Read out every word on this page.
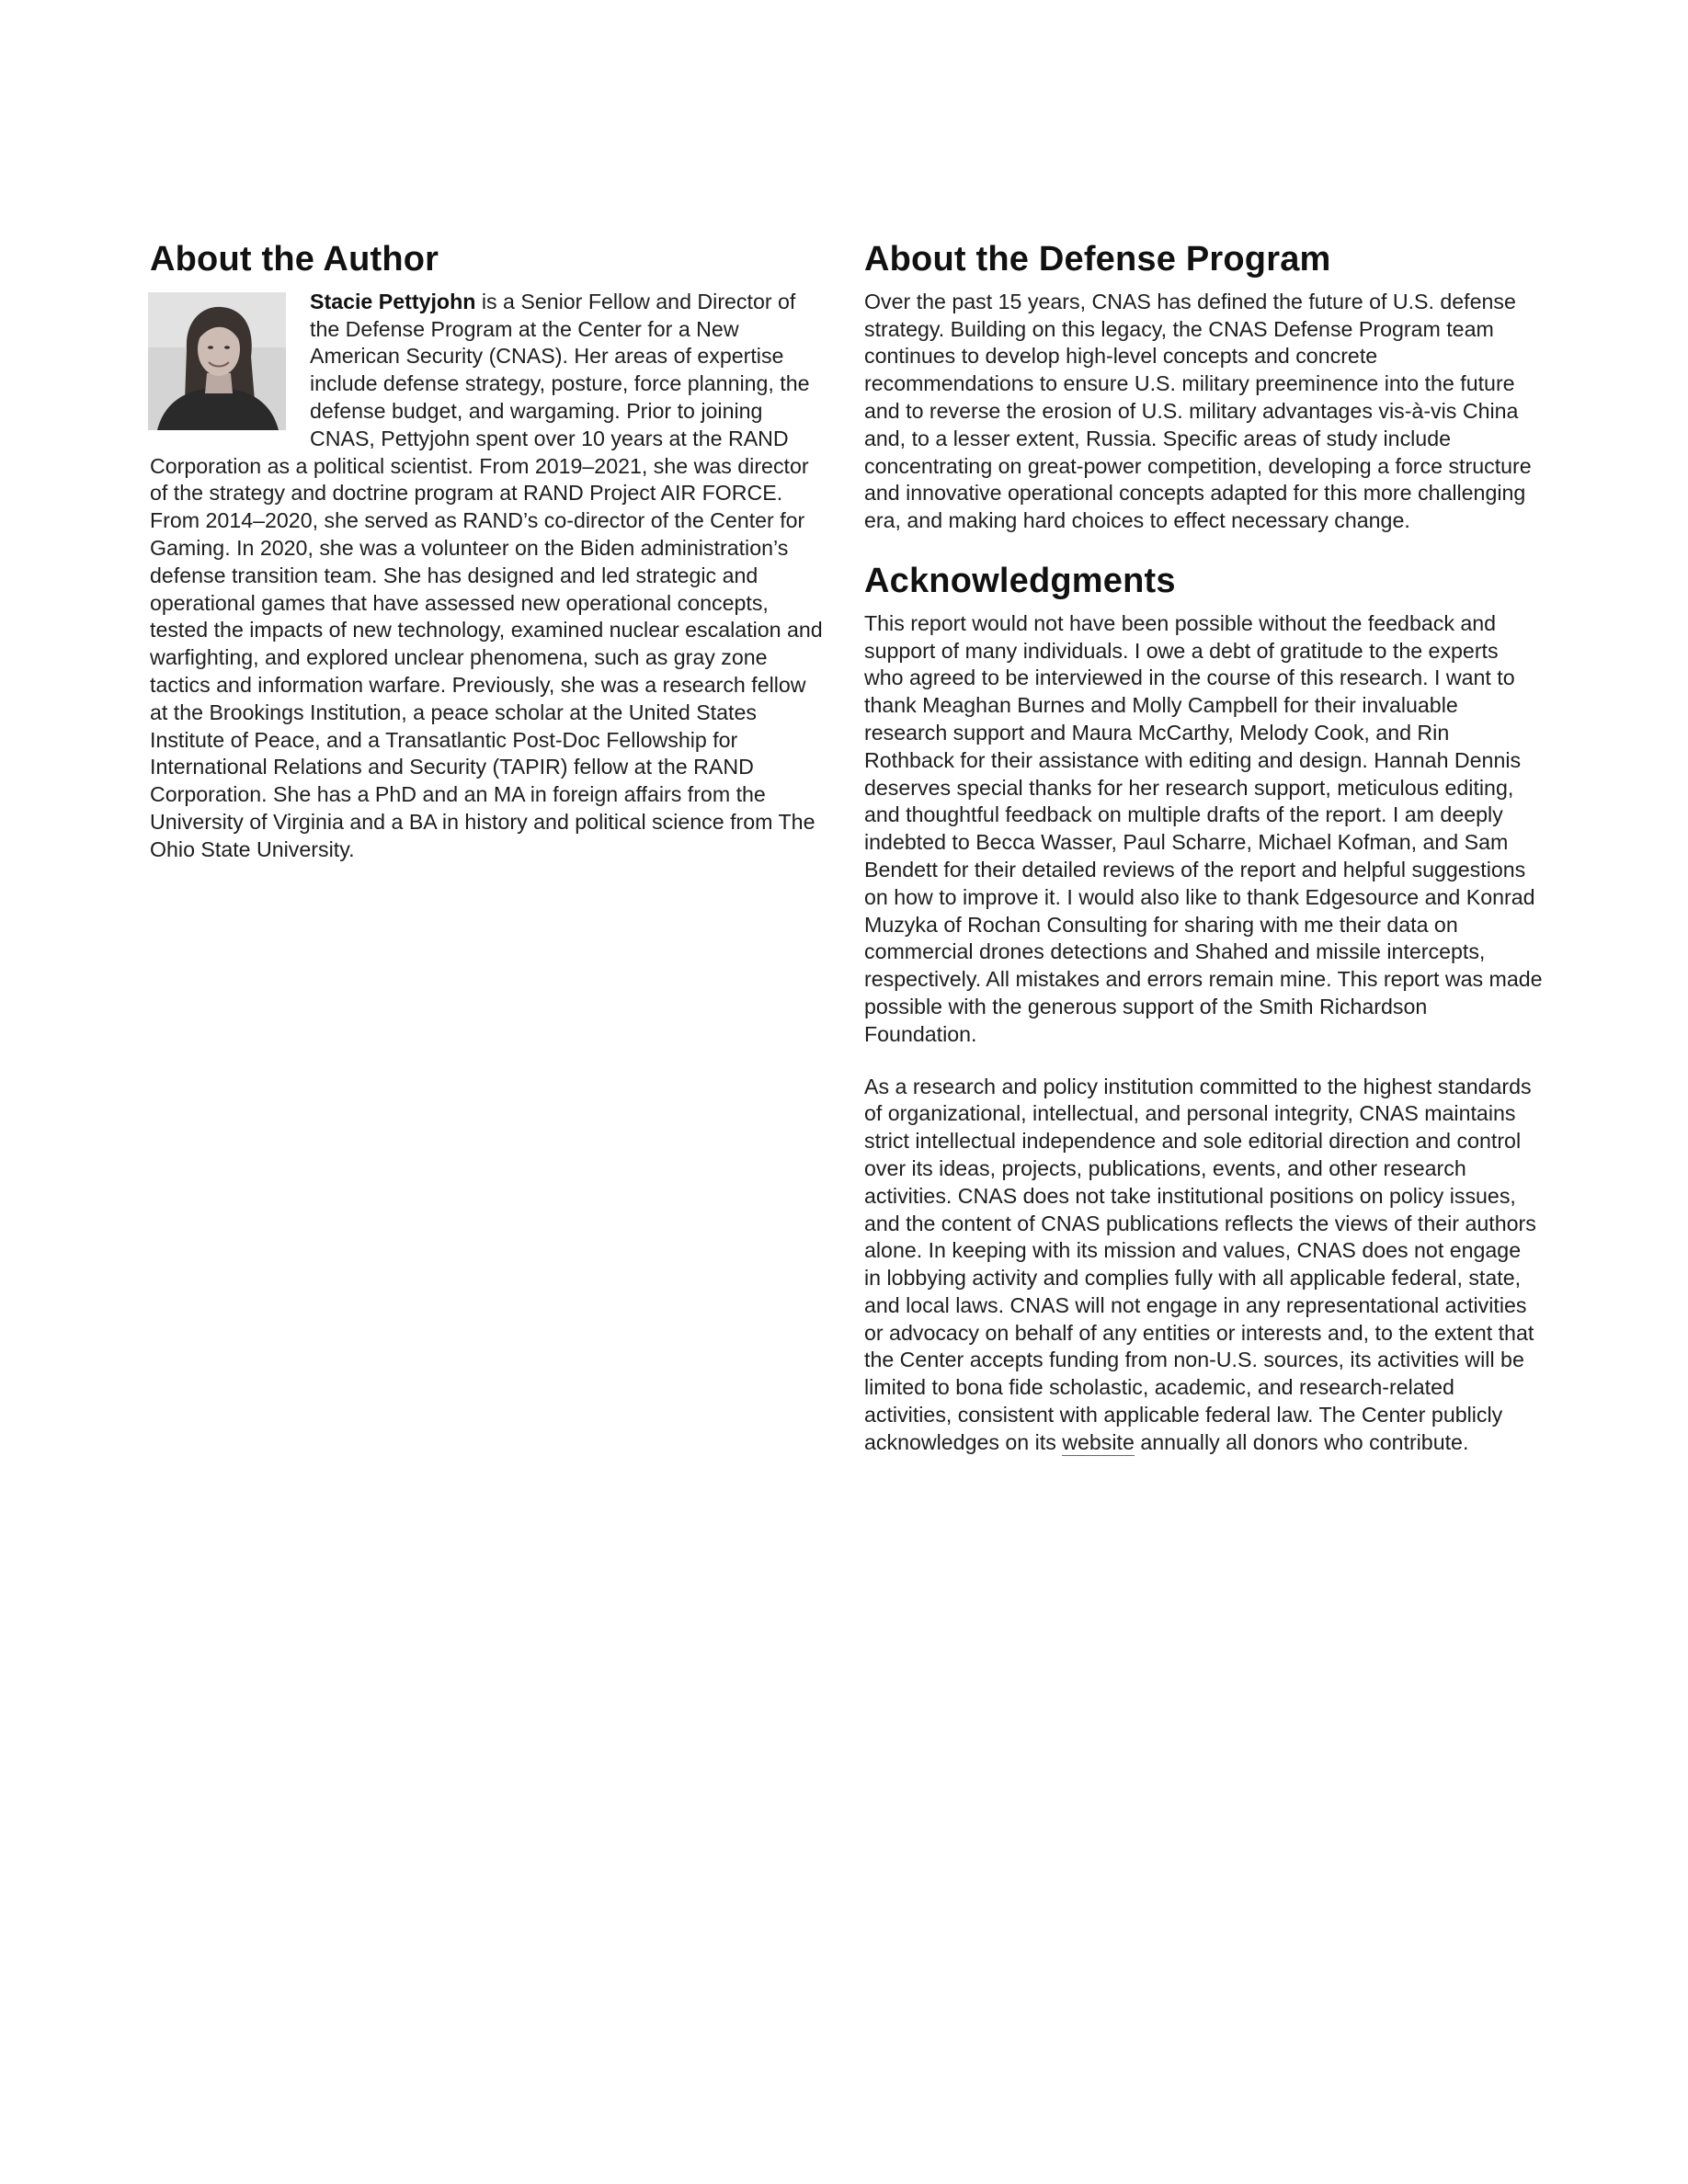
About the Author

Stacie Pettyjohn is a Senior Fellow and Director of the Defense Program at the Center for a New American Security (CNAS). Her areas of expertise include defense strategy, posture, force planning, the defense budget, and wargaming. Prior to joining CNAS, Pettyjohn spent over 10 years at the RAND Corporation as a political scientist. From 2019–2021, she was director of the strategy and doctrine program at RAND Project AIR FORCE. From 2014–2020, she served as RAND’s co-director of the Center for Gaming. In 2020, she was a volunteer on the Biden administration’s defense transition team. She has designed and led strategic and operational games that have assessed new operational concepts, tested the impacts of new technology, examined nuclear escalation and warfighting, and explored unclear phenomena, such as gray zone tactics and information warfare. Previously, she was a research fellow at the Brookings Institution, a peace scholar at the United States Institute of Peace, and a Transatlantic Post-Doc Fellowship for International Relations and Security (TAPIR) fellow at the RAND Corporation. She has a PhD and an MA in foreign affairs from the University of Virginia and a BA in history and political science from The Ohio State University.

About the Defense Program

Over the past 15 years, CNAS has defined the future of U.S. defense strategy. Building on this legacy, the CNAS Defense Program team continues to develop high-level concepts and concrete recommendations to ensure U.S. military preeminence into the future and to reverse the erosion of U.S. military advantages vis-à-vis China and, to a lesser extent, Russia. Specific areas of study include concentrating on great-power competition, developing a force structure and innovative operational concepts adapted for this more challenging era, and making hard choices to effect necessary change.

Acknowledgments

This report would not have been possible without the feedback and support of many individuals. I owe a debt of gratitude to the experts who agreed to be interviewed in the course of this research. I want to thank Meaghan Burnes and Molly Campbell for their invaluable research support and Maura McCarthy, Melody Cook, and Rin Rothback for their assistance with editing and design. Hannah Dennis deserves special thanks for her research support, meticulous editing, and thoughtful feedback on multiple drafts of the report. I am deeply indebted to Becca Wasser, Paul Scharre, Michael Kofman, and Sam Bendett for their detailed reviews of the report and helpful suggestions on how to improve it. I would also like to thank Edgesource and Konrad Muzyka of Rochan Consulting for sharing with me their data on commercial drones detections and Shahed and missile intercepts, respectively. All mistakes and errors remain mine. This report was made possible with the generous support of the Smith Richardson Foundation.

As a research and policy institution committed to the highest standards of organizational, intellectual, and personal integrity, CNAS maintains strict intellectual independence and sole editorial direction and control over its ideas, projects, publications, events, and other research activities. CNAS does not take institutional positions on policy issues, and the content of CNAS publications reflects the views of their authors alone. In keeping with its mission and values, CNAS does not engage in lobbying activity and complies fully with all applicable federal, state, and local laws. CNAS will not engage in any representational activities or advocacy on behalf of any entities or interests and, to the extent that the Center accepts funding from non-U.S. sources, its activities will be limited to bona fide scholastic, academic, and research-related activities, consistent with applicable federal law. The Center publicly acknowledges on its website annually all donors who contribute.
